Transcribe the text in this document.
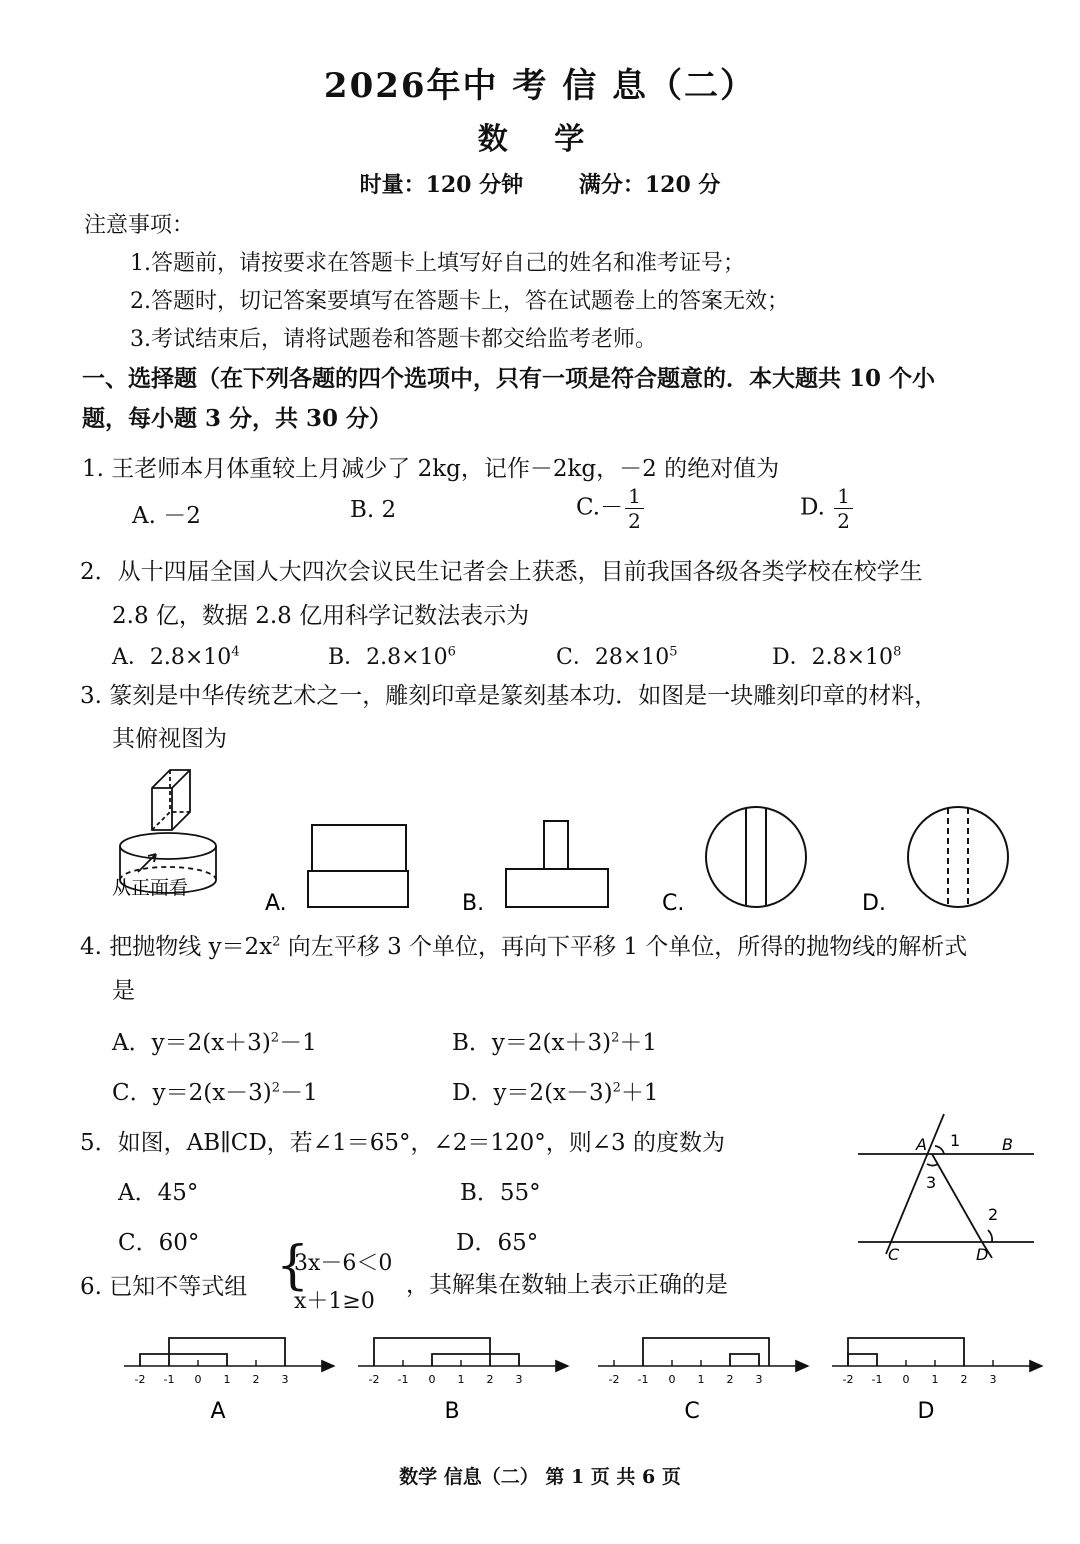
2026年中 考 信 息（二）
数 学
时量：120 分钟	满分：120 分
注意事项：
1.答题前，请按要求在答题卡上填写好自己的姓名和准考证号；
2.答题时，切记答案要填写在答题卡上，答在试题卷上的答案无效；
3.考试结束后，请将试题卷和答题卡都交给监考老师。
一、选择题（在下列各题的四个选项中，只有一项是符合题意的．本大题共 10 个小
题，每小题 3 分，共 30 分）
1. 王老师本月体重较上月减少了 2kg，记作－2kg，－2 的绝对值为
A. －2	B. 2	$C.- \frac{1}{2}$	D. $\frac{1}{2}$
2．从十四届全国人大四次会议民生记者会上获悉，目前我国各级各类学校在校学生
2.8 亿，数据 2.8 亿用科学记数法表示为
A．$2.8\times 10^4$	B．$2.8\times 10^6$	C．$28\times 10^5$	D．$2.8\times 10^8$
3. 篆刻是中华传统艺术之一，雕刻印章是篆刻基本功．如图是一块雕刻印章的材料，
其俯视图为
从正面看
A.	B.	C.	D.
4. 把抛物线 $y=2x^2$ 向左平移 3 个单位，再向下平移 1 个单位，所得的抛物线的解析式
是
A．$y=2(x+3)^2-1$	B．$y=2(x+3)^2+1$
C．$y=2(x-3)^2-1$	D．$y=2(x-3)^2+1$
5．如图，AB∥CD，若∠1＝65°，∠2＝120°，则∠3 的度数为
A．45°	B．55°
C．60°	D．65°
A 1	B
3
2
C	D
6. 已知不等式组 {
3x－6＜0
x＋1≥0
，其解集在数轴上表示正确的是
-2 -1 0 1 2 3
A
-2 -1 0 1 2 3
B
-2 -1 0 1 2 3
C
-2 -1 0 1 2 3
D
数学 信息（二） 第 1 页 共 6 页
